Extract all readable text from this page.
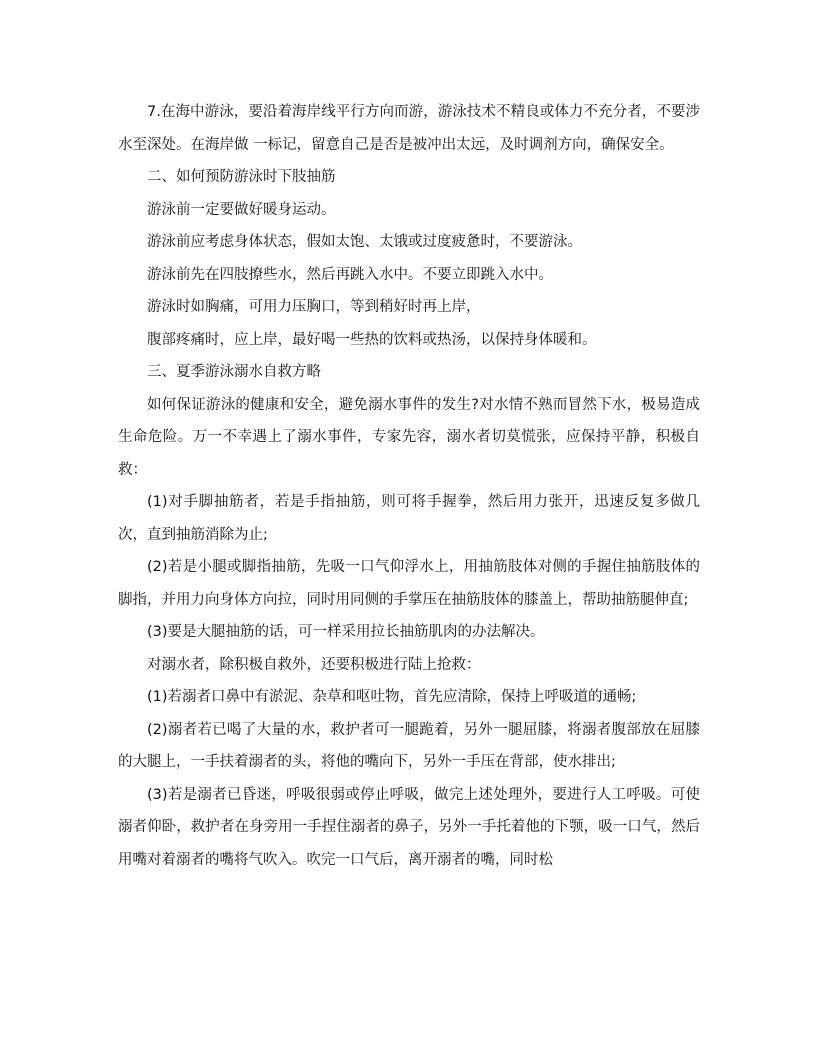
7.在海中游泳，要沿着海岸线平行方向而游，游泳技术不精良或体力不充分者，不要涉水至深处。在海岸做 一标记，留意自己是否是被冲出太远，及时调剂方向，确保安全。

二、如何预防游泳时下肢抽筋

游泳前一定要做好暖身运动。

游泳前应考虑身体状态，假如太饱、太饿或过度疲惫时，不要游泳。

游泳前先在四肢撩些水，然后再跳入水中。不要立即跳入水中。

游泳时如胸痛，可用力压胸口，等到稍好时再上岸，

腹部疼痛时，应上岸，最好喝一些热的饮料或热汤，以保持身体暖和。

三、夏季游泳溺水自救方略

如何保证游泳的健康和安全，避免溺水事件的发生?对水情不熟而冒然下水，极易造成生命危险。万一不幸遇上了溺水事件，专家先容，溺水者切莫慌张，应保持平静，积极自救：

(1)对手脚抽筋者，若是手指抽筋，则可将手握拳，然后用力张开，迅速反复多做几次，直到抽筋消除为止;

(2)若是小腿或脚指抽筋，先吸一口气仰浮水上，用抽筋肢体对侧的手握住抽筋肢体的脚指，并用力向身体方向拉，同时用同侧的手掌压在抽筋肢体的膝盖上，帮助抽筋腿伸直;

(3)要是大腿抽筋的话，可一样采用拉长抽筋肌肉的办法解决。

对溺水者，除积极自救外，还要积极进行陆上抢救：

(1)若溺者口鼻中有淤泥、杂草和呕吐物，首先应清除，保持上呼吸道的通畅;

(2)溺者若已喝了大量的水，救护者可一腿跪着，另外一腿屈膝，将溺者腹部放在屈膝的大腿上，一手扶着溺者的头，将他的嘴向下，另外一手压在背部，使水排出;

(3)若是溺者已昏迷，呼吸很弱或停止呼吸，做完上述处理外，要进行人工呼吸。可使溺者仰卧，救护者在身旁用一手捏住溺者的鼻子，另外一手托着他的下颚，吸一口气，然后用嘴对着溺者的嘴将气吹入。吹完一口气后，离开溺者的嘴，同时松
